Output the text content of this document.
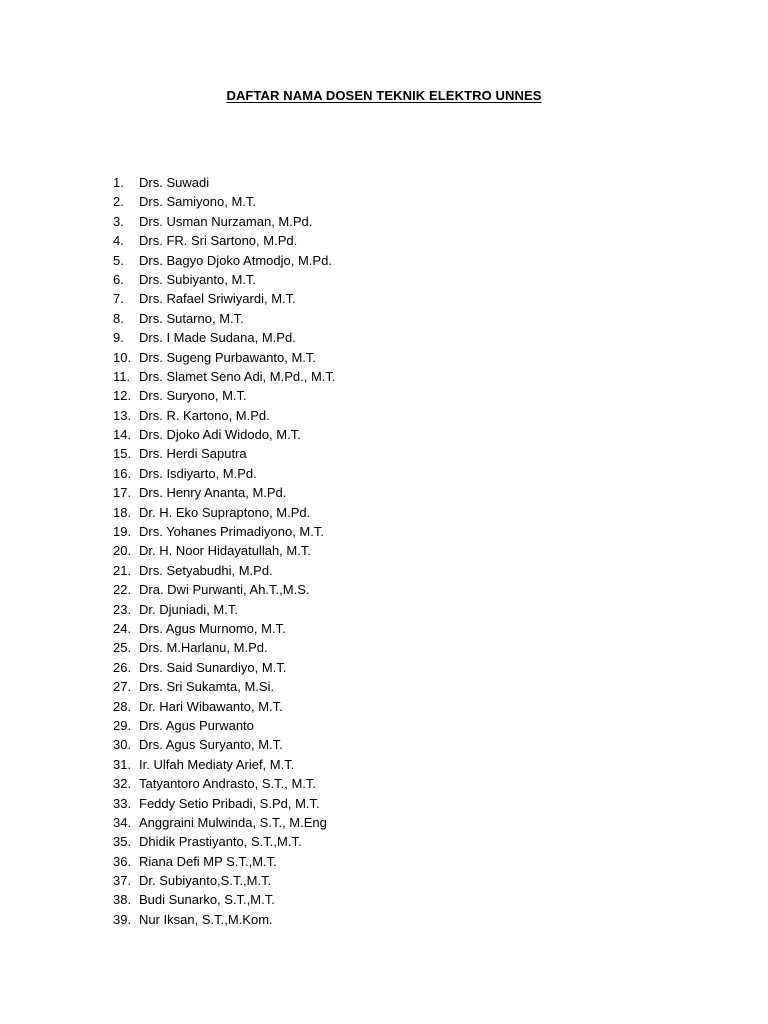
DAFTAR NAMA DOSEN TEKNIK ELEKTRO UNNES
1.	Drs. Suwadi
2.	Drs. Samiyono, M.T.
3.	Drs. Usman Nurzaman, M.Pd.
4.	Drs. FR. Sri Sartono, M.Pd.
5.	Drs. Bagyo Djoko Atmodjo, M.Pd.
6.	Drs. Subiyanto, M.T.
7.	Drs. Rafael Sriwiyardi, M.T.
8.	Drs. Sutarno, M.T.
9.	Drs. I Made Sudana, M.Pd.
10. Drs. Sugeng Purbawanto, M.T.
11. Drs. Slamet Seno Adi, M.Pd., M.T.
12. Drs. Suryono, M.T.
13. Drs. R. Kartono, M.Pd.
14. Drs. Djoko Adi Widodo, M.T.
15. Drs. Herdi Saputra
16. Drs. Isdiyarto, M.Pd.
17. Drs. Henry Ananta, M.Pd.
18. Dr. H. Eko Supraptono, M.Pd.
19. Drs. Yohanes Primadiyono, M.T.
20. Dr. H. Noor Hidayatullah, M.T.
21. Drs. Setyabudhi, M.Pd.
22. Dra. Dwi Purwanti, Ah.T.,M.S.
23. Dr. Djuniadi, M.T.
24. Drs. Agus Murnomo, M.T.
25. Drs. M.Harlanu, M.Pd.
26. Drs. Said Sunardiyo, M.T.
27. Drs. Sri Sukamta, M.Si.
28. Dr. Hari Wibawanto, M.T.
29. Drs. Agus Purwanto
30. Drs. Agus Suryanto, M.T.
31. Ir. Ulfah Mediaty Arief, M.T.
32. Tatyantoro Andrasto, S.T., M.T.
33. Feddy Setio Pribadi, S.Pd, M.T.
34. Anggraini Mulwinda, S.T., M.Eng
35. Dhidik Prastiyanto, S.T.,M.T.
36. Riana Defi MP S.T.,M.T.
37. Dr. Subiyanto,S.T.,M.T.
38. Budi Sunarko, S.T.,M.T.
39. Nur Iksan, S.T.,M.Kom.
